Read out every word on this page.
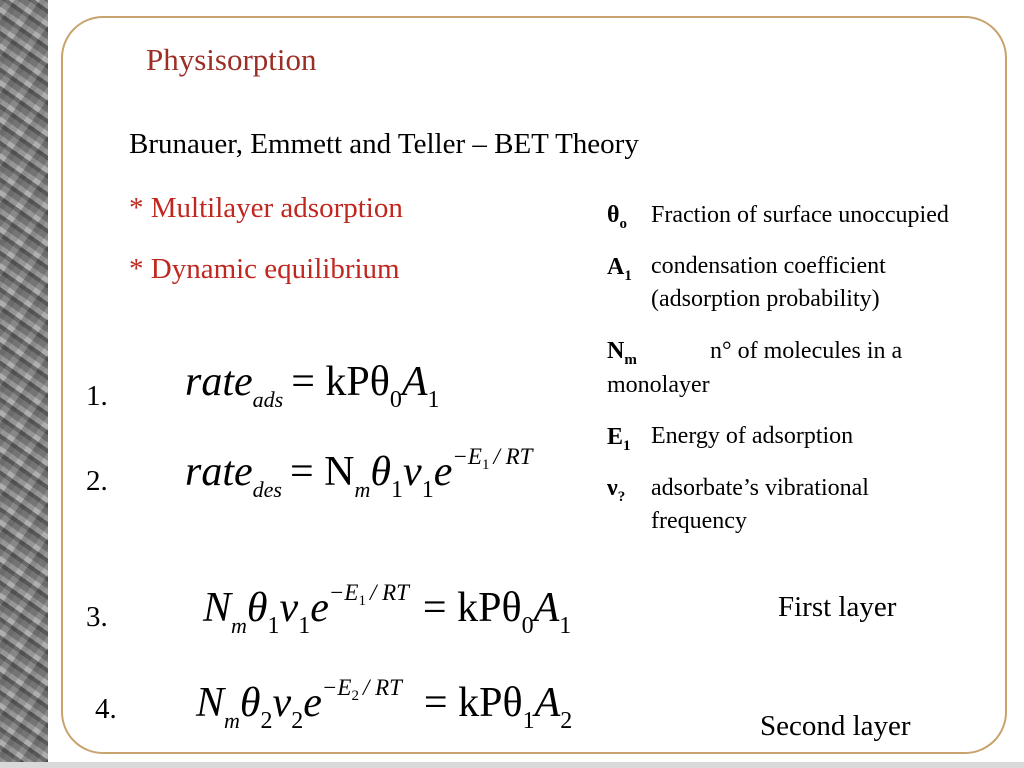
Physisorption
Brunauer, Emmett and Teller – BET Theory
* Multilayer adsorption
* Dynamic equilibrium
$\theta_o$ Fraction of surface unoccupied
$A_1$ condensation coefficient
(adsorption probability)
$N_m$	n° of molecules in a
monolayer
$E_1$ Energy of adsorption
$\nu_?$ adsorbate’s vibrational
frequency
1.
2.
3.
4.
First layer
Second layer
rate$_{ads}$ = $kP\theta_0A_1$
rate$_{des}$ = $N_m\theta_1\nu_1e^{-E}1$ / RT
$N_m\theta_1\nu_1e^{-E}1$ / RT = $kP\theta_0A_1$
$N_m\theta_2\nu_2e^{-E}2$ / RT = $kP\theta_1A_2$
